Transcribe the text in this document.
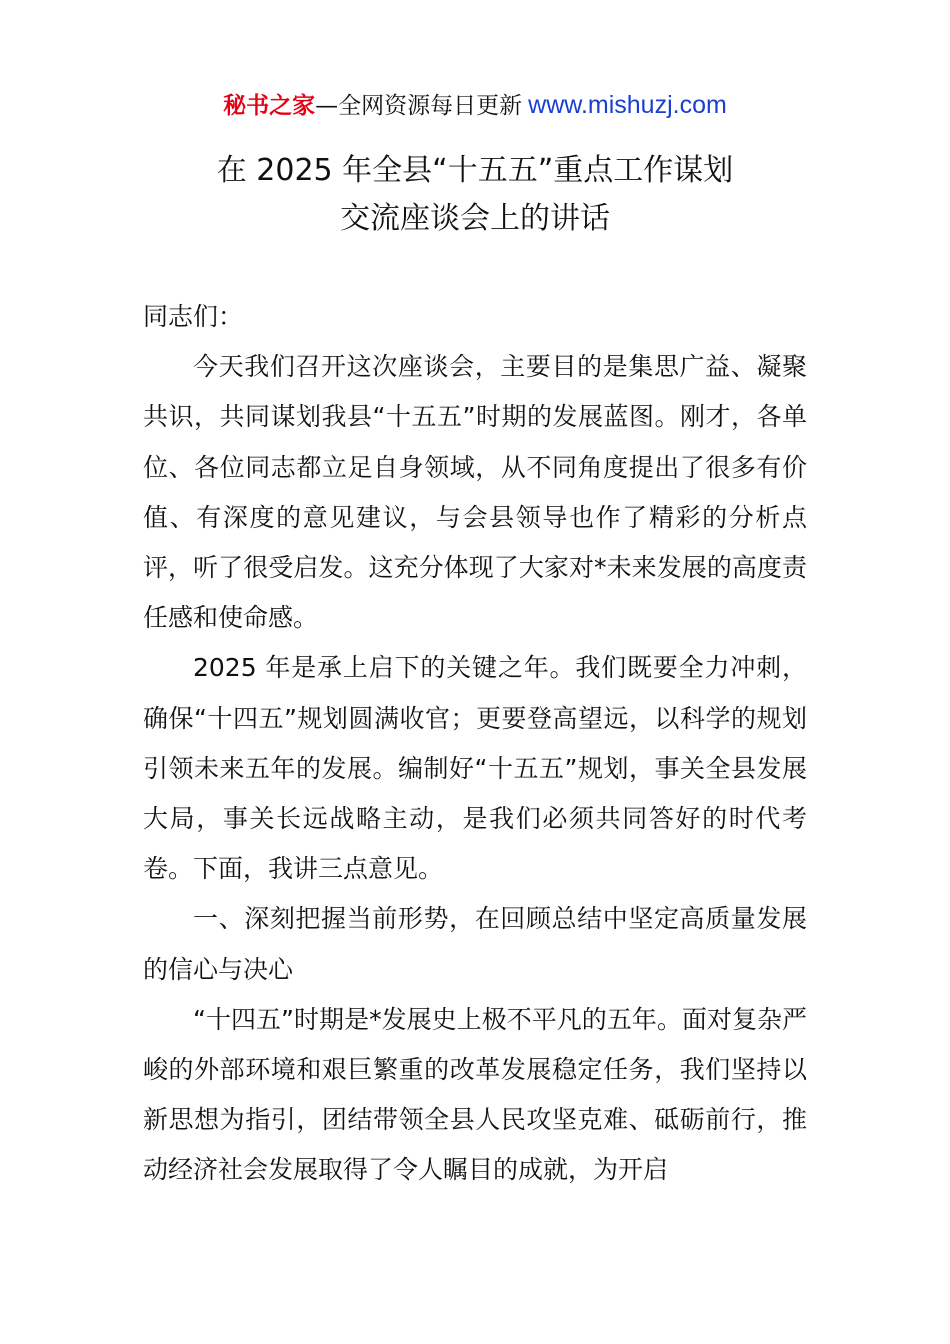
秘书之家—全网资源每日更新 www.mishuzj.com
在 2025 年全县“十五五”重点工作谋划
交流座谈会上的讲话

同志们：

今天我们召开这次座谈会，主要目的是集思广益、凝聚共识，共同谋划我县“十五五”时期的发展蓝图。刚才，各单位、各位同志都立足自身领域，从不同角度提出了很多有价值、有深度的意见建议，与会县领导也作了精彩的分析点评，听了很受启发。这充分体现了大家对*未来发展的高度责任感和使命感。

2025 年是承上启下的关键之年。我们既要全力冲刺，确保“十四五”规划圆满收官；更要登高望远，以科学的规划引领未来五年的发展。编制好“十五五”规划，事关全县发展大局，事关长远战略主动，是我们必须共同答好的时代考卷。下面，我讲三点意见。

一、深刻把握当前形势，在回顾总结中坚定高质量发展的信心与决心

“十四五”时期是*发展史上极不平凡的五年。面对复杂严峻的外部环境和艰巨繁重的改革发展稳定任务，我们坚持以新思想为指引，团结带领全县人民攻坚克难、砥砺前行，推动经济社会发展取得了令人瞩目的成就，为开启
